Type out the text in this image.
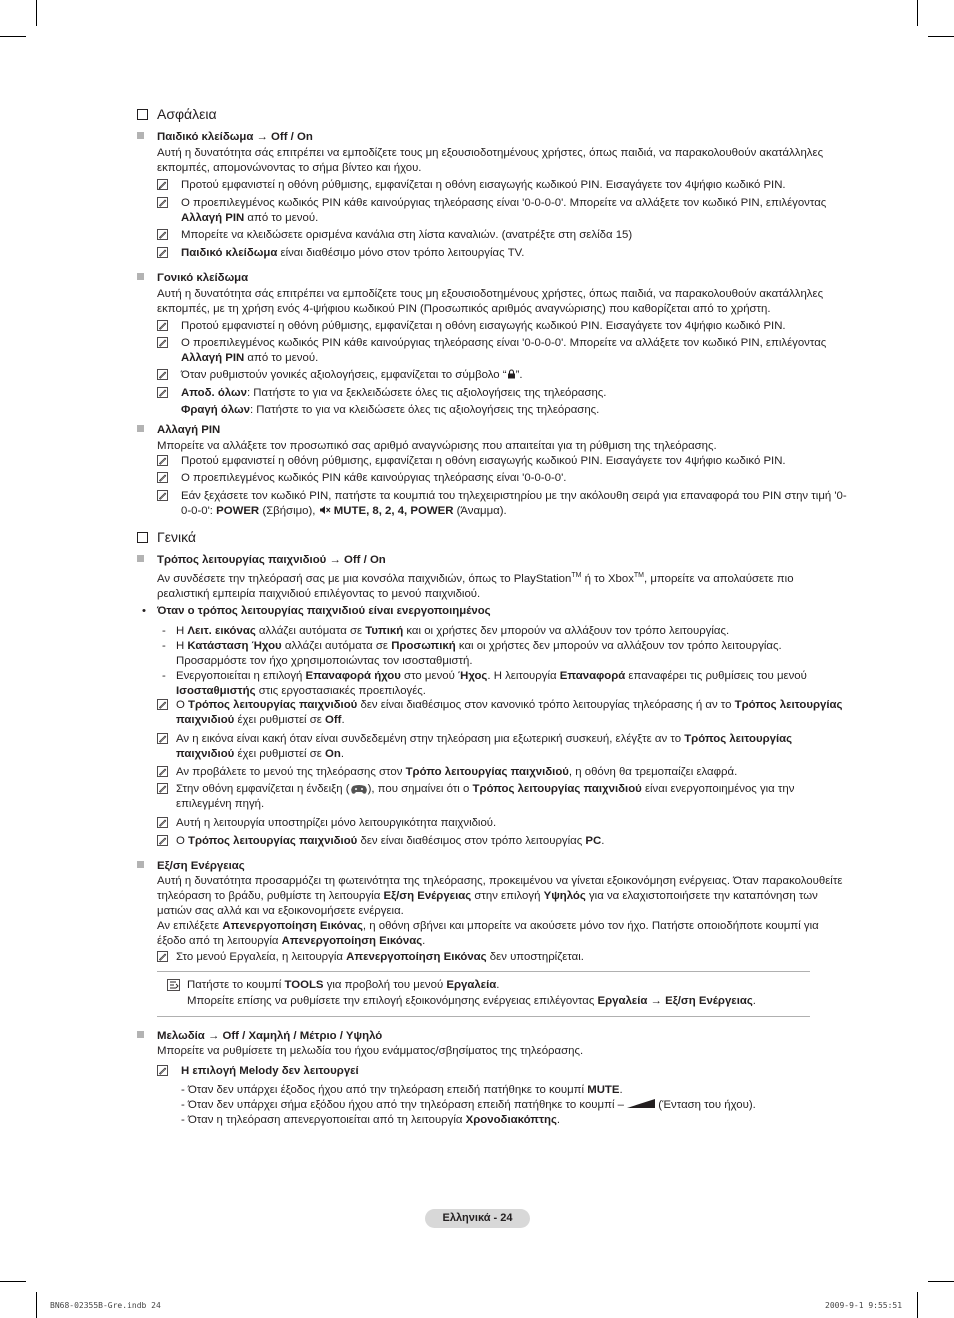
Ασφάλεια
Παιδικό κλείδωμα → Off / On
Αυτή η δυνατότητα σάς επιτρέπει να εμποδίζετε τους μη εξουσιοδοτημένους χρήστες, όπως παιδιά, να παρακολουθούν ακατάλληλες εκπομπές, απομονώνοντας το σήμα βίντεο και ήχου.
Προτού εμφανιστεί η οθόνη ρύθμισης, εμφανίζεται η οθόνη εισαγωγής κωδικού PIN. Εισαγάγετε τον 4ψήφιο κωδικό PIN.
Ο προεπιλεγμένος κωδικός PIN κάθε καινούργιας τηλεόρασης είναι '0-0-0-0'. Μπορείτε να αλλάξετε τον κωδικό PIN, επιλέγοντας Αλλαγή PIN από το μενού.
Μπορείτε να κλειδώσετε ορισμένα κανάλια στη λίστα καναλιών. (ανατρέξτε στη σελίδα 15)
Παιδικό κλείδωμα είναι διαθέσιμο μόνο στον τρόπο λειτουργίας TV.
Γονικό κλείδωμα
Αυτή η δυνατότητα σάς επιτρέπει να εμποδίζετε τους μη εξουσιοδοτημένους χρήστες, όπως παιδιά, να παρακολουθούν ακατάλληλες εκπομπές, με τη χρήση ενός 4-ψήφιου κωδικού PIN (Προσωπικός αριθμός αναγνώρισης) που καθορίζεται από το χρήστη.
Προτού εμφανιστεί η οθόνη ρύθμισης, εμφανίζεται η οθόνη εισαγωγής κωδικού PIN. Εισαγάγετε τον 4ψήφιο κωδικό PIN.
Ο προεπιλεγμένος κωδικός PIN κάθε καινούργιας τηλεόρασης είναι '0-0-0-0'. Μπορείτε να αλλάξετε τον κωδικό PIN, επιλέγοντας Αλλαγή PIN από το μενού.
Όταν ρυθμιστούν γονικές αξιολογήσεις, εμφανίζεται το σύμβολο “ ”.
Αποδ. όλων: Πατήστε το για να ξεκλειδώσετε όλες τις αξιολογήσεις της τηλεόρασης.
Φραγή όλων: Πατήστε το για να κλειδώσετε όλες τις αξιολογήσεις της τηλεόρασης.
Αλλαγή PIN
Μπορείτε να αλλάξετε τον προσωπικό σας αριθμό αναγνώρισης που απαιτείται για τη ρύθμιση της τηλεόρασης.
Προτού εμφανιστεί η οθόνη ρύθμισης, εμφανίζεται η οθόνη εισαγωγής κωδικού PIN. Εισαγάγετε τον 4ψήφιο κωδικό PIN.
Ο προεπιλεγμένος κωδικός PIN κάθε καινούργιας τηλεόρασης είναι '0-0-0-0'.
Εάν ξεχάσετε τον κωδικό PIN, πατήστε τα κουμπιά του τηλεχειριστηρίου με την ακόλουθη σειρά για επαναφορά του PIN στην τιμή '0-0-0-0': POWER (Σβήσιμο),  MUTE, 8, 2, 4, POWER (Άναμμα).
Γενικά
Τρόπος λειτουργίας παιχνιδιού → Off / On
Αν συνδέσετε την τηλεόρασή σας με μια κονσόλα παιχνιδιών, όπως το PlayStation™ ή το Xbox™, μπορείτε να απολαύσετε πιο ρεαλιστική εμπειρία παιχνιδιού επιλέγοντας το μενού παιχνιδιού.
• Όταν ο τρόπος λειτουργίας παιχνιδιού είναι ενεργοποιημένος
- Η Λειτ. εικόνας αλλάζει αυτόματα σε Τυπική και οι χρήστες δεν μπορούν να αλλάξουν τον τρόπο λειτουργίας.
- Η Κατάσταση Ήχου αλλάζει αυτόματα σε Προσωπική και οι χρήστες δεν μπορούν να αλλάξουν τον τρόπο λειτουργίας. Προσαρμόστε τον ήχο χρησιμοποιώντας τον ισοσταθμιστή.
- Ενεργοποιείται η επιλογή Επαναφορά ήχου στο μενού Ήχος. Η λειτουργία Επαναφορά επαναφέρει τις ρυθμίσεις του μενού Ισοσταθμιστής στις εργοστασιακές προεπιλογές.
Ο Τρόπος λειτουργίας παιχνιδιού δεν είναι διαθέσιμος στον κανονικό τρόπο λειτουργίας τηλεόρασης ή αν το Τρόπος λειτουργίας παιχνιδιού έχει ρυθμιστεί σε Off.
Αν η εικόνα είναι κακή όταν είναι συνδεδεμένη στην τηλεόραση μια εξωτερική συσκευή, ελέγξτε αν το Τρόπος λειτουργίας παιχνιδιού έχει ρυθμιστεί σε On.
Αν προβάλετε το μενού της τηλεόρασης στον Τρόπο λειτουργίας παιχνιδιού, η οθόνη θα τρεμοπαίζει ελαφρά.
Στην οθόνη εμφανίζεται η ένδειξη ( ), που σημαίνει ότι ο Τρόπος λειτουργίας παιχνιδιού είναι ενεργοποιημένος για την επιλεγμένη πηγή.
Αυτή η λειτουργία υποστηρίζει μόνο λειτουργικότητα παιχνιδιού.
Ο Τρόπος λειτουργίας παιχνιδιού δεν είναι διαθέσιμος στον τρόπο λειτουργίας PC.
Εξ/ση Ενέργειας
Αυτή η δυνατότητα προσαρμόζει τη φωτεινότητα της τηλεόρασης, προκειμένου να γίνεται εξοικονόμηση ενέργειας. Όταν παρακολουθείτε τηλεόραση το βράδυ, ρυθμίστε τη λειτουργία Εξ/ση Ενέργειας στην επιλογή Υψηλός για να ελαχιστοποιήσετε την καταπόνηση των ματιών σας αλλά και να εξοικονομήσετε ενέργεια.
Αν επιλέξετε Απενεργοποίηση Εικόνας, η οθόνη σβήνει και μπορείτε να ακούσετε μόνο τον ήχο. Πατήστε οποιοδήποτε κουμπί για έξοδο από τη λειτουργία Απενεργοποίηση Εικόνας.
Στο μενού Εργαλεία, η λειτουργία Απενεργοποίηση Εικόνας δεν υποστηρίζεται.
Πατήστε το κουμπί TOOLS για προβολή του μενού Εργαλεία.
Μπορείτε επίσης να ρυθμίσετε την επιλογή εξοικονόμησης ενέργειας επιλέγοντας Εργαλεία → Εξ/ση Ενέργειας.
Μελωδία → Off / Χαμηλή / Μέτριο / Υψηλό
Μπορείτε να ρυθμίσετε τη μελωδία του ήχου ενάμματος/σβησίματος της τηλεόρασης.
Η επιλογή Melody δεν λειτουργεί
- Όταν δεν υπάρχει έξοδος ήχου από την τηλεόραση επειδή πατήθηκε το κουμπί MUTE.
- Όταν δεν υπάρχει σήμα εξόδου ήχου από την τηλεόραση επειδή πατήθηκε το κουμπί –  (Ένταση του ήχου).
- Όταν η τηλεόραση απενεργοποιείται από τη λειτουργία Χρονοδιακόπτης.
Ελληνικά - 24
BN68-02355B-Gre.indb 24	2009-9-1 9:55:51
